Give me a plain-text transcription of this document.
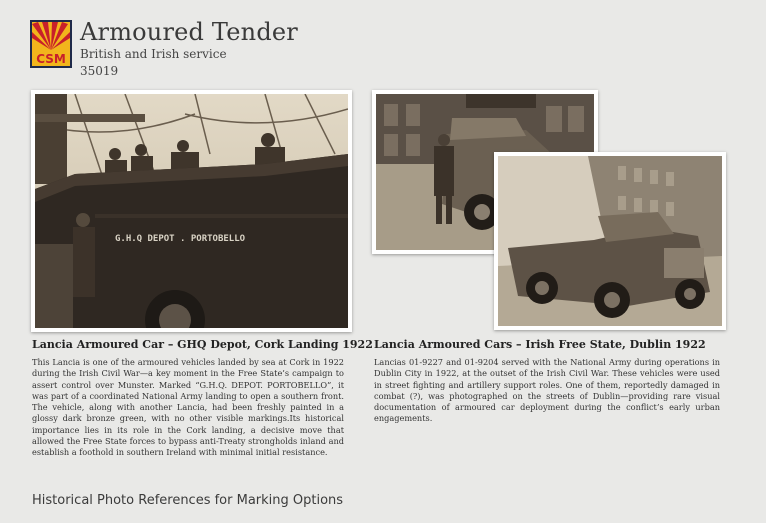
CSM
Armoured Tender
British and Irish service
35019
G.H.Q DEPOT . PORTOBELLO
Lancia Armoured Car – GHQ Depot, Cork Landing 1922
This Lancia is one of the armoured vehicles landed by sea at Cork in 1922 during the Irish Civil War—a key moment in the Free State’s campaign to assert control over Munster. Marked “G.H.Q. DEPOT. PORTOBELLO”, it was part of a coordinated National Army landing to open a southern front. The vehicle, along with another Lancia, had been freshly painted in a glossy dark bronze green, with no other visible markings.Its historical importance lies in its role in the Cork landing, a decisive move that allowed the Free State forces to bypass anti-Treaty strongholds inland and establish a foothold in southern Ireland with minimal initial resistance.
Lancia Armoured Cars – Irish Free State, Dublin 1922
Lancias 01-9227 and 01-9204 served with the National Army during operations in Dublin City in 1922, at the outset of the Irish Civil War. These vehicles were used in street fighting and artillery support roles. One of them, reportedly damaged in combat (?), was photographed on the streets of Dublin—providing rare visual documentation of armoured car deployment during the conflict’s early urban engagements.
Historical Photo References for Marking Options
